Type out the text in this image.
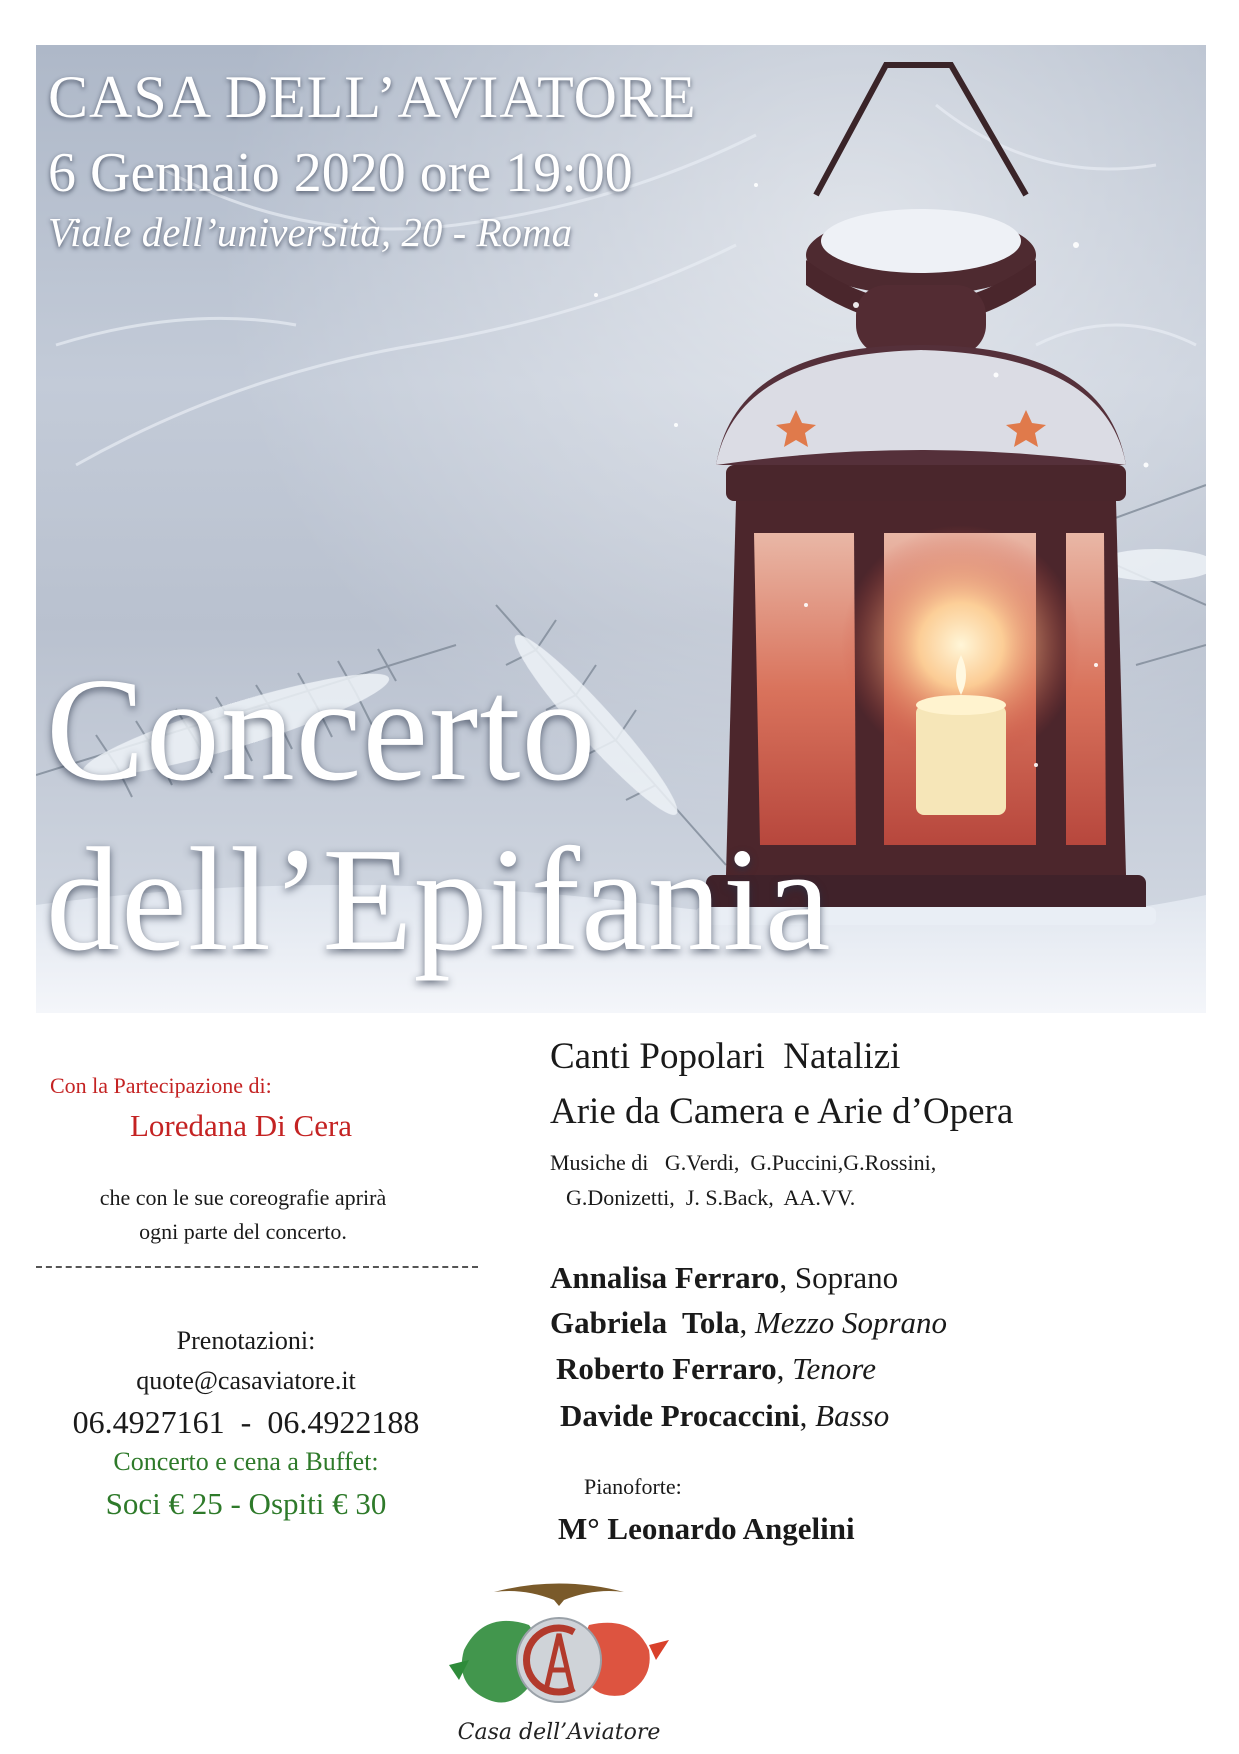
CASA DELL’AVIATORE
6 Gennaio 2020 ore 19:00
Viale dell’università, 20 - Roma
Concerto
dell’Epifania
Con la Partecipazione di:
Loredana Di Cera
che con le sue coreografie aprirà
ogni parte del concerto.
Prenotazioni:
quote@casaviatore.it
06.4927161  -  06.4922188
Concerto e cena a Buffet:
Soci € 25 - Ospiti € 30
Canti Popolari  Natalizi
Arie da Camera e Arie d’Opera
Musiche di   G.Verdi,  G.Puccini,G.Rossini,
G.Donizetti,  J. S.Back,  AA.VV.
Annalisa Ferraro, Soprano
Gabriela  Tola, Mezzo Soprano
Roberto Ferraro, Tenore
Davide Procaccini, Basso
Pianoforte:
M° Leonardo Angelini
Casa dell’Aviatore
